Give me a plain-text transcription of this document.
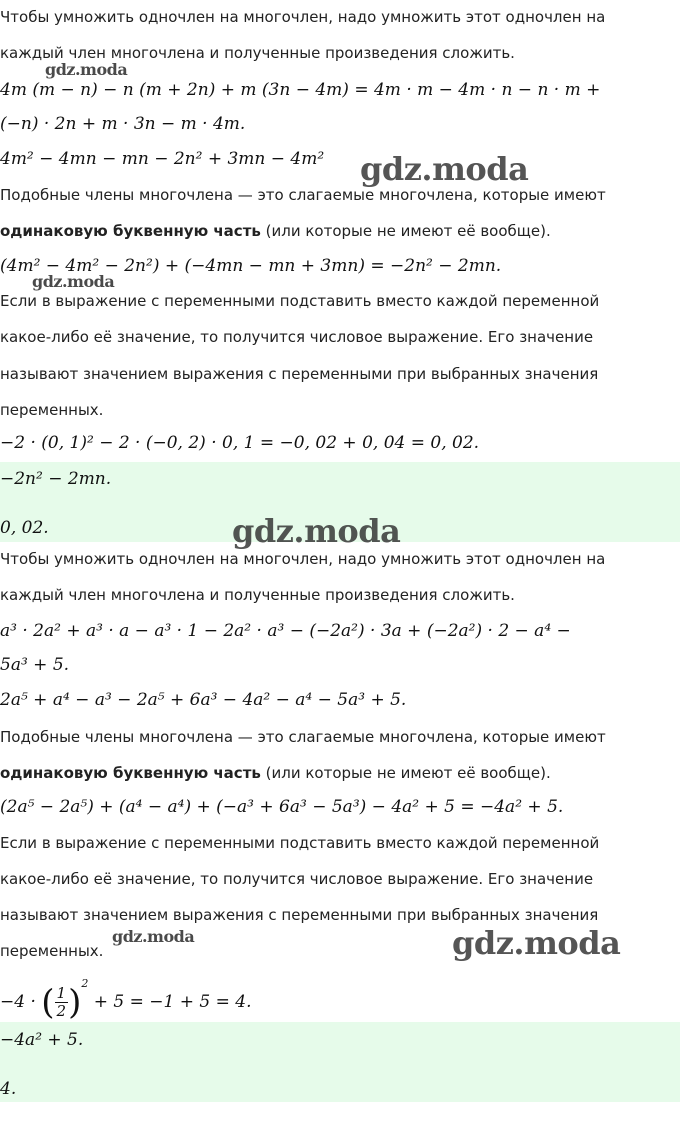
Чтобы умножить одночлен на многочлен, надо умножить этот одночлен на
каждый член многочлена и полученные произведения сложить.
4m (m − n) − n (m + 2n) + m (3n − 4m) = 4m · m − 4m · n − n · m +
(−n) · 2n + m · 3n − m · 4m.
4m² − 4mn − mn − 2n² + 3mn − 4m²
Подобные члены многочлена — это слагаемые многочлена, которые имеют
одинаковую буквенную часть (или которые не имеют её вообще).
(4m² − 4m² − 2n²) + (−4mn − mn + 3mn) = −2n² − 2mn.
Если в выражение с переменными подставить вместо каждой переменной
какое-либо её значение, то получится числовое выражение. Его значение
называют значением выражения с переменными при выбранных значения
переменных.
−2 · (0, 1)² − 2 · (−0, 2) · 0, 1 = −0, 02 + 0, 04 = 0, 02.
−2n² − 2mn.
0, 02.
Чтобы умножить одночлен на многочлен, надо умножить этот одночлен на
каждый член многочлена и полученные произведения сложить.
a³ · 2a² + a³ · a − a³ · 1 − 2a² · a³ − (−2a²) · 3a + (−2a²) · 2 − a⁴ −
5a³ + 5.
2a⁵ + a⁴ − a³ − 2a⁵ + 6a³ − 4a² − a⁴ − 5a³ + 5.
Подобные члены многочлена — это слагаемые многочлена, которые имеют
одинаковую буквенную часть (или которые не имеют её вообще).
(2a⁵ − 2a⁵) + (a⁴ − a⁴) + (−a³ + 6a³ − 5a³) − 4a² + 5 = −4a² + 5.
Если в выражение с переменными подставить вместо каждой переменной
какое-либо её значение, то получится числовое выражение. Его значение
называют значением выражения с переменными при выбранных значения
переменных.
−4 · ( $\frac{1}{2} )^2 + 5 = -1 + 5 = 4$.
−4a² + 5.
4.
gdz.moda
gdz.moda
gdz.moda
gdz.moda
gdz.moda	gdz.moda
